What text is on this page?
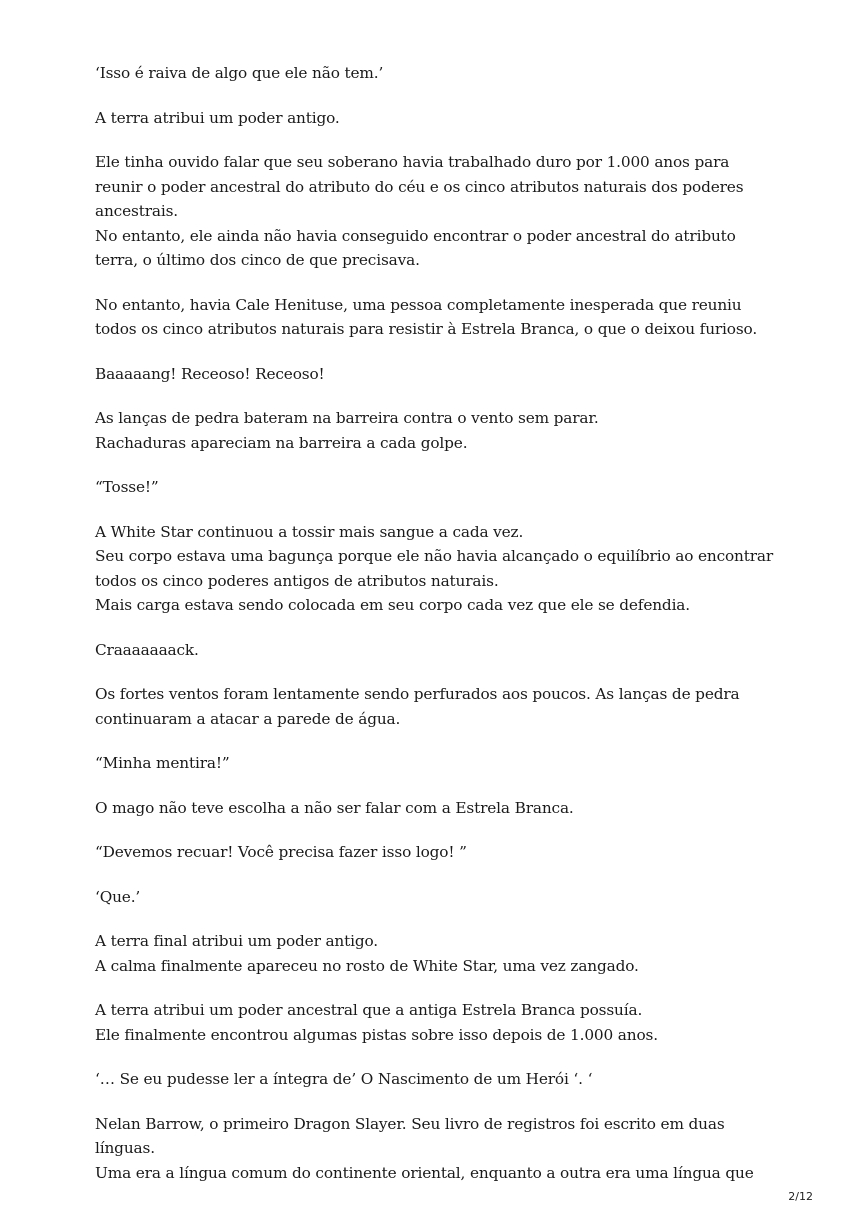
‘Isso é raiva de algo que ele não tem.’

A terra atribui um poder antigo.

Ele tinha ouvido falar que seu soberano havia trabalhado duro por 1.000 anos para
reunir o poder ancestral do atributo do céu e os cinco atributos naturais dos poderes
ancestrais.
No entanto, ele ainda não havia conseguido encontrar o poder ancestral do atributo
terra, o último dos cinco de que precisava.

No entanto, havia Cale Henituse, uma pessoa completamente inesperada que reuniu
todos os cinco atributos naturais para resistir à Estrela Branca, o que o deixou furioso.

Baaaaang! Receoso! Receoso!

As lanças de pedra bateram na barreira contra o vento sem parar.
Rachaduras apareciam na barreira a cada golpe.

“Tosse!”

A White Star continuou a tossir mais sangue a cada vez.
Seu corpo estava uma bagunça porque ele não havia alcançado o equilíbrio ao encontrar
todos os cinco poderes antigos de atributos naturais.
Mais carga estava sendo colocada em seu corpo cada vez que ele se defendia.

Craaaaaaack.

Os fortes ventos foram lentamente sendo perfurados aos poucos. As lanças de pedra
continuaram a atacar a parede de água.

“Minha mentira!”

O mago não teve escolha a não ser falar com a Estrela Branca.

“Devemos recuar! Você precisa fazer isso logo! ”

‘Que.’

A terra final atribui um poder antigo.
A calma finalmente apareceu no rosto de White Star, uma vez zangado.

A terra atribui um poder ancestral que a antiga Estrela Branca possuía.
Ele finalmente encontrou algumas pistas sobre isso depois de 1.000 anos.

‘… Se eu pudesse ler a íntegra de’ O Nascimento de um Herói ‘. ‘

Nelan Barrow, o primeiro Dragon Slayer. Seu livro de registros foi escrito em duas
línguas.
Uma era a língua comum do continente oriental, enquanto a outra era uma língua que

2/12
